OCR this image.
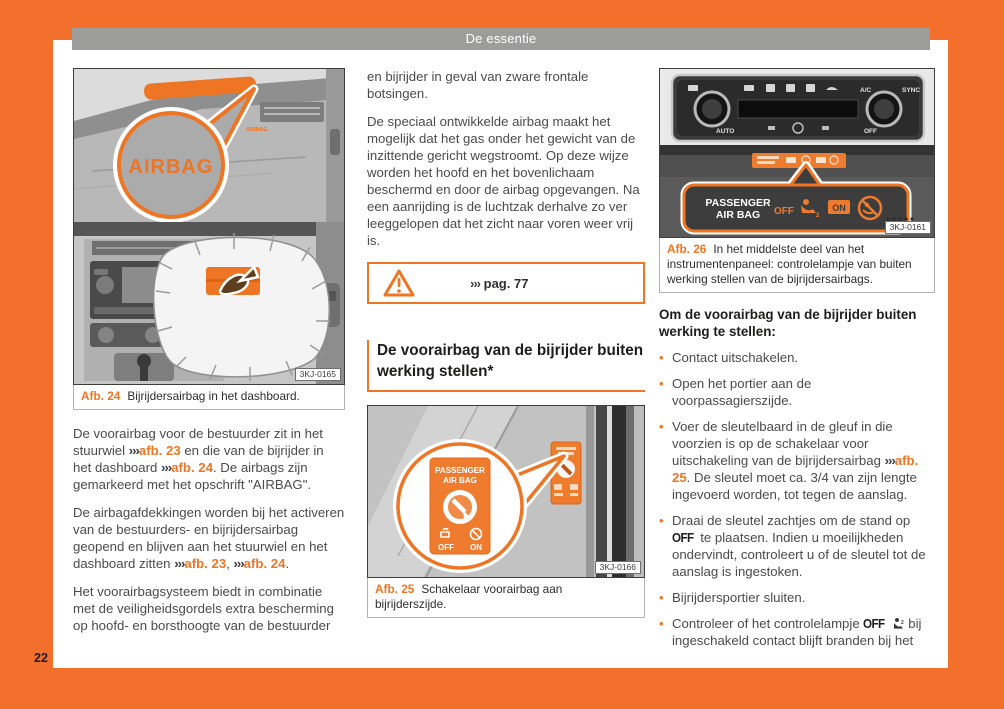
De essentie
AIRBAG
AIRBAG
3KJ-0165
Afb. 24 Bijrijdersairbag in het dashboard.

De voorairbag voor de bestuurder zit in het stuurwiel ›››afb. 23 en die van de bijrijder in het dashboard ›››afb. 24. De airbags zijn gemarkeerd met het opschrift "AIRBAG".

De airbagafdekkingen worden bij het activeren van de bestuurders- en bijrijdersairbag geopend en blijven aan het stuurwiel en het dashboard zitten ›››afb. 23, ›››afb. 24.

Het voorairbagsysteem biedt in combinatie met de veiligheidsgordels extra bescherming op hoofd- en borsthoogte van de bestuurder

en bijrijder in geval van zware frontale botsingen.

De speciaal ontwikkelde airbag maakt het mogelijk dat het gas onder het gewicht van de inzittende gericht wegstroomt. Op deze wijze worden het hoofd en het bovenlichaam beschermd en door de airbag opgevangen. Na een aanrijding is de luchtzak derhalve zo ver leeggelopen dat het zicht naar voren weer vrij is.

››› pag. 77
De voorairbag van de bijrijder buiten werking stellen*
PASSENGER
AIR BAG
OFF ON
3KJ-0166
Afb. 25 Schakelaar voorairbag aan bijrijderszijde.
A/C	SYNC
AUTO	OFF
PASSENGER
AIR BAG OFF	2
ON
3KJ-0161
Afb. 26 In het middelste deel van het instrumentenpaneel: controlelampje van buiten werking stellen van de bijrijdersairbags.

Om de voorairbag van de bijrijder buiten werking te stellen:

• Contact uitschakelen.

• Open het portier aan de voorpassagierszijde.

• Voer de sleutelbaard in de gleuf in die voorzien is op de schakelaar voor uitschakeling van de bijrijdersairbag ›››afb. 25. De sleutel moet ca. 3/4 van zijn lengte ingevoerd worden, tot tegen de aanslag.

• Draai de sleutel zachtjes om de stand op OFF te plaatsen. Indien u moeilijkheden ondervindt, controleert u of de sleutel tot de aanslag is ingestoken.

• Bijrijdersportier sluiten.

• Controleer of het controlelampje OFF	2 bij ingeschakeld contact blijft branden bij het

22
